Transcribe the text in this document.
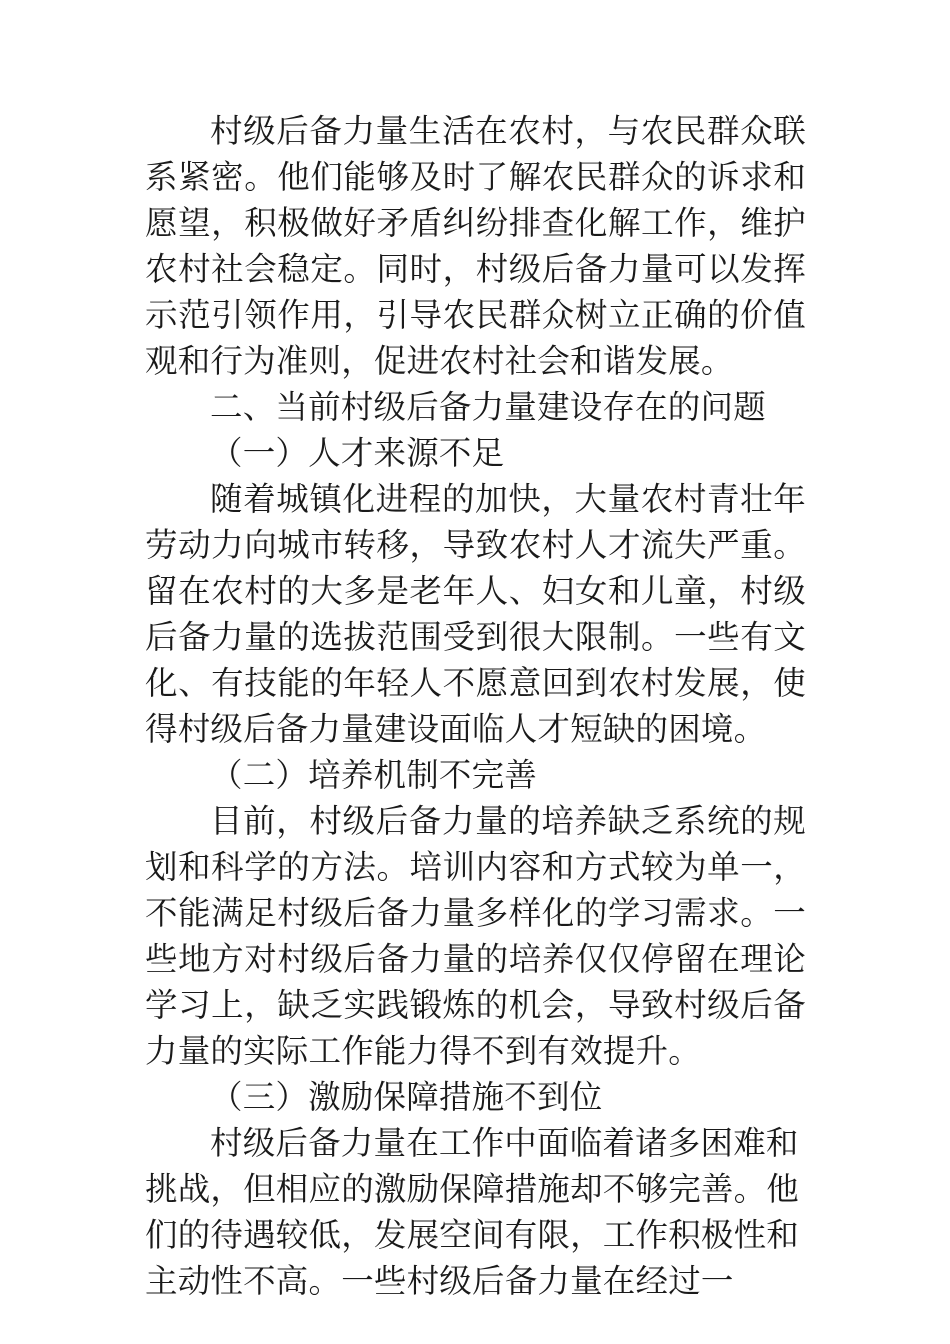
村级后备力量生活在农村，与农民群众联系紧密。他们能够及时了解农民群众的诉求和愿望，积极做好矛盾纠纷排查化解工作，维护农村社会稳定。同时，村级后备力量可以发挥示范引领作用，引导农民群众树立正确的价值观和行为准则，促进农村社会和谐发展。

二、当前村级后备力量建设存在的问题

（一）人才来源不足

随着城镇化进程的加快，大量农村青壮年劳动力向城市转移，导致农村人才流失严重。留在农村的大多是老年人、妇女和儿童，村级后备力量的选拔范围受到很大限制。一些有文化、有技能的年轻人不愿意回到农村发展，使得村级后备力量建设面临人才短缺的困境。

（二）培养机制不完善

目前，村级后备力量的培养缺乏系统的规划和科学的方法。培训内容和方式较为单一，不能满足村级后备力量多样化的学习需求。一些地方对村级后备力量的培养仅仅停留在理论学习上，缺乏实践锻炼的机会，导致村级后备力量的实际工作能力得不到有效提升。

（三）激励保障措施不到位

村级后备力量在工作中面临着诸多困难和挑战，但相应的激励保障措施却不够完善。他们的待遇较低，发展空间有限，工作积极性和主动性不高。一些村级后备力量在经过一
